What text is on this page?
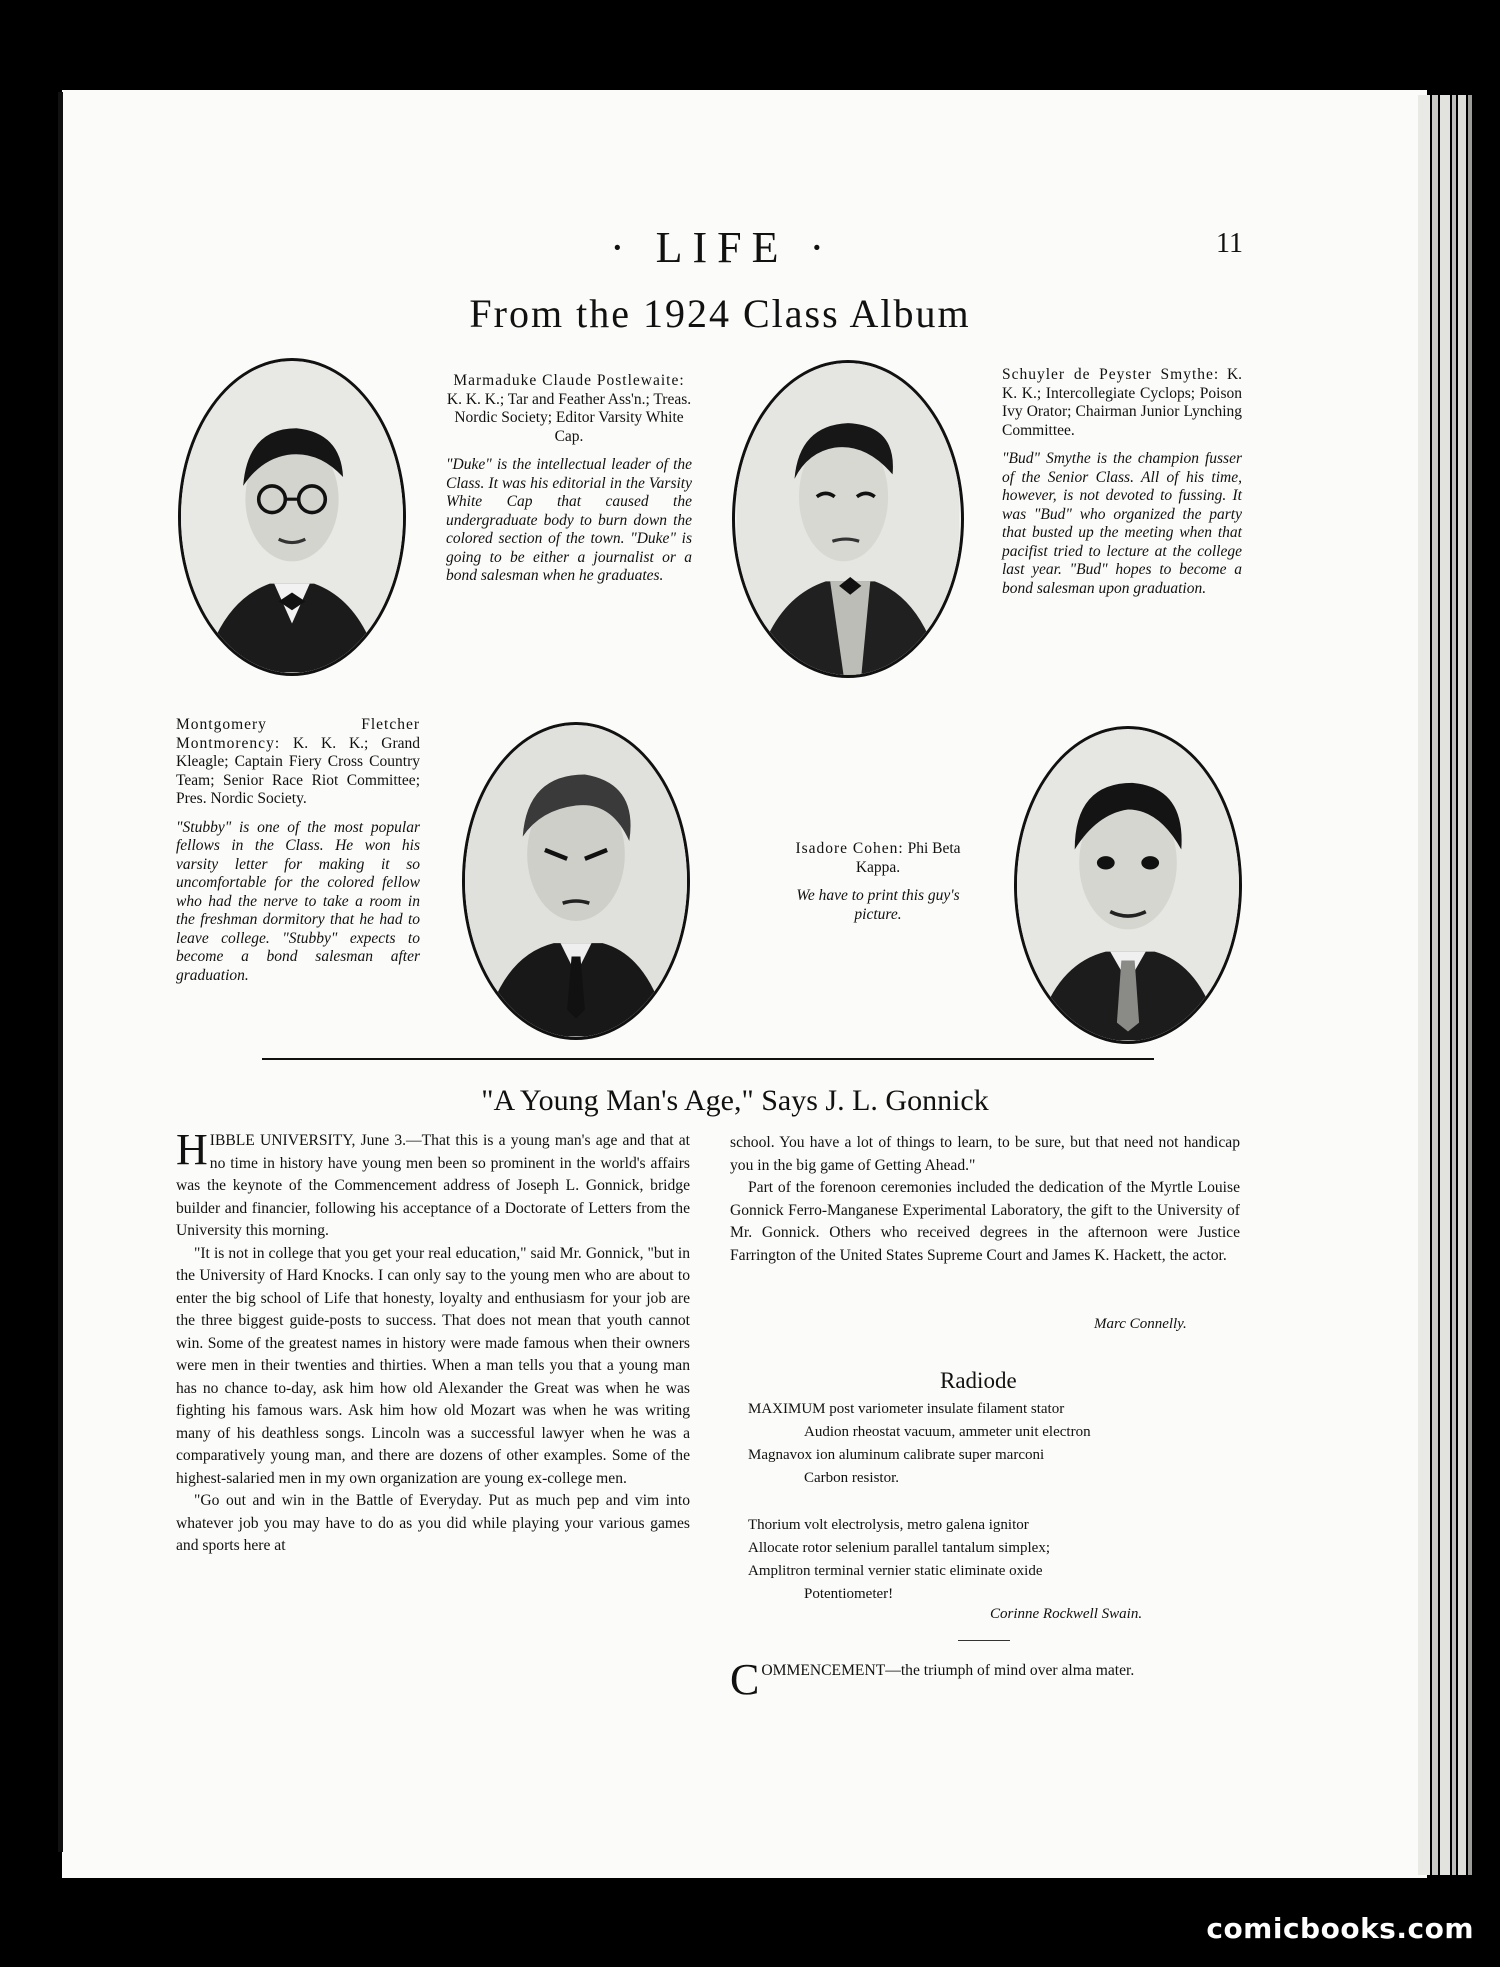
· LIFE ·	11
From the 1924 Class Album

Marmaduke Claude Postlewaite: K. K. K.; Tar and Feather Ass'n.; Treas. Nordic Society; Editor Varsity White Cap.

"Duke" is the intellectual leader of the Class. It was his editorial in the Varsity White Cap that caused the undergraduate body to burn down the colored section of the town. "Duke" is going to be either a journalist or a bond salesman when he graduates.

Schuyler de Peyster Smythe: K. K. K.; Intercollegiate Cyclops; Poison Ivy Orator; Chairman Junior Lynching Committee.

"Bud" Smythe is the champion fusser of the Senior Class. All of his time, however, is not devoted to fussing. It was "Bud" who organized the party that busted up the meeting when that pacifist tried to lecture at the college last year. "Bud" hopes to become a bond salesman upon graduation.

Montgomery Fletcher Montmorency: K. K. K.; Grand Kleagle; Captain Fiery Cross Country Team; Senior Race Riot Committee; Pres. Nordic Society.

"Stubby" is one of the most popular fellows in the Class. He won his varsity letter for making it so uncomfortable for the colored fellow who had the nerve to take a room in the freshman dormitory that he had to leave college. "Stubby" expects to become a bond salesman after graduation.

Isadore Cohen: Phi Beta Kappa.

We have to print this guy's picture.

"A Young Man's Age," Says J. L. Gonnick

HIBBLE UNIVERSITY, June 3.—That this is a young man's age and that at no time in history have young men been so prominent in the world's affairs was the keynote of the Commencement address of Joseph L. Gonnick, bridge builder and financier, following his acceptance of a Doctorate of Letters from the University this morning.

"It is not in college that you get your real education," said Mr. Gonnick, "but in the University of Hard Knocks. I can only say to the young men who are about to enter the big school of Life that honesty, loyalty and enthusiasm for your job are the three biggest guide-posts to success. That does not mean that youth cannot win. Some of the greatest names in history were made famous when their owners were men in their twenties and thirties. When a man tells you that a young man has no chance to-day, ask him how old Alexander the Great was when he was fighting his famous wars. Ask him how old Mozart was when he was writing many of his deathless songs. Lincoln was a successful lawyer when he was a comparatively young man, and there are dozens of other examples. Some of the highest-salaried men in my own organization are young ex-college men.

"Go out and win in the Battle of Everyday. Put as much pep and vim into whatever job you may have to do as you did while playing your various games and sports here at

school. You have a lot of things to learn, to be sure, but that need not handicap you in the big game of Getting Ahead."

Part of the forenoon ceremonies included the dedication of the Myrtle Louise Gonnick Ferro-Manganese Experimental Laboratory, the gift to the University of Mr. Gonnick. Others who received degrees in the afternoon were Justice Farrington of the United States Supreme Court and James K. Hackett, the actor.

Marc Connelly.
Radiode
MAXIMUM post variometer insulate filament stator
Audion rheostat vacuum, ammeter unit electron
Magnavox ion aluminum calibrate super marconi
Carbon resistor.
Thorium volt electrolysis, metro galena ignitor
Allocate rotor selenium parallel tantalum simplex;
Amplitron terminal vernier static eliminate oxide
Potentiometer!
Corinne Rockwell Swain.

COMMENCEMENT—the triumph of mind over alma mater.

comicbooks.com
